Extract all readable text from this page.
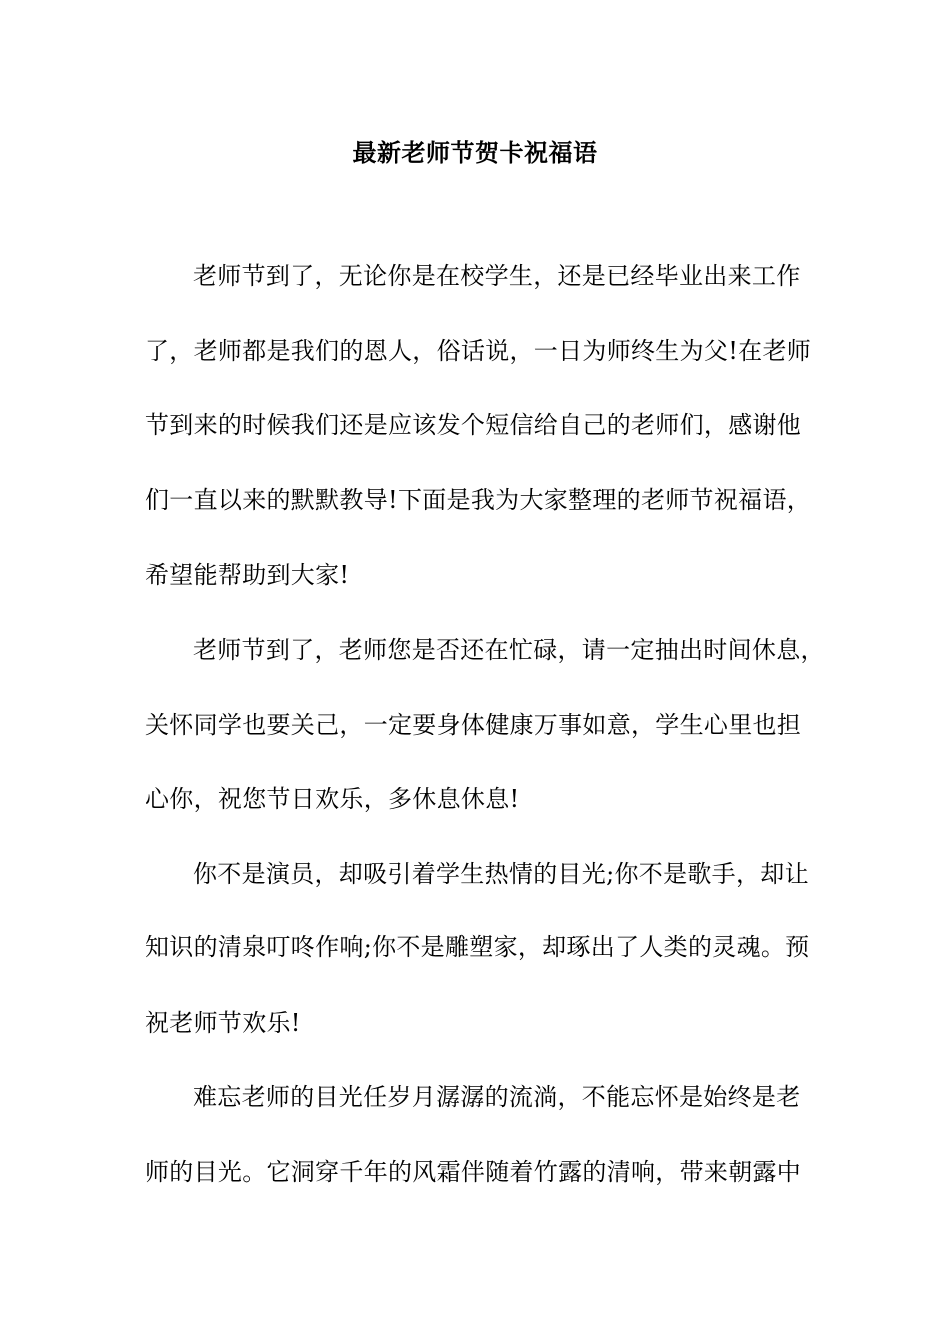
最新老师节贺卡祝福语
老师节到了，无论你是在校学生，还是已经毕业出来工作
了，老师都是我们的恩人，俗话说，一日为师终生为父!在老师
节到来的时候我们还是应该发个短信给自己的老师们，感谢他
们一直以来的默默教导!下面是我为大家整理的老师节祝福语，
希望能帮助到大家!
老师节到了，老师您是否还在忙碌，请一定抽出时间休息，
关怀同学也要关己，一定要身体健康万事如意，学生心里也担
心你，祝您节日欢乐，多休息休息!
你不是演员，却吸引着学生热情的目光;你不是歌手，却让
知识的清泉叮咚作响;你不是雕塑家，却琢出了人类的灵魂。预
祝老师节欢乐!
难忘老师的目光任岁月潺潺的流淌，不能忘怀是始终是老
师的目光。它洞穿千年的风霜伴随着竹露的清响，带来朝露中
